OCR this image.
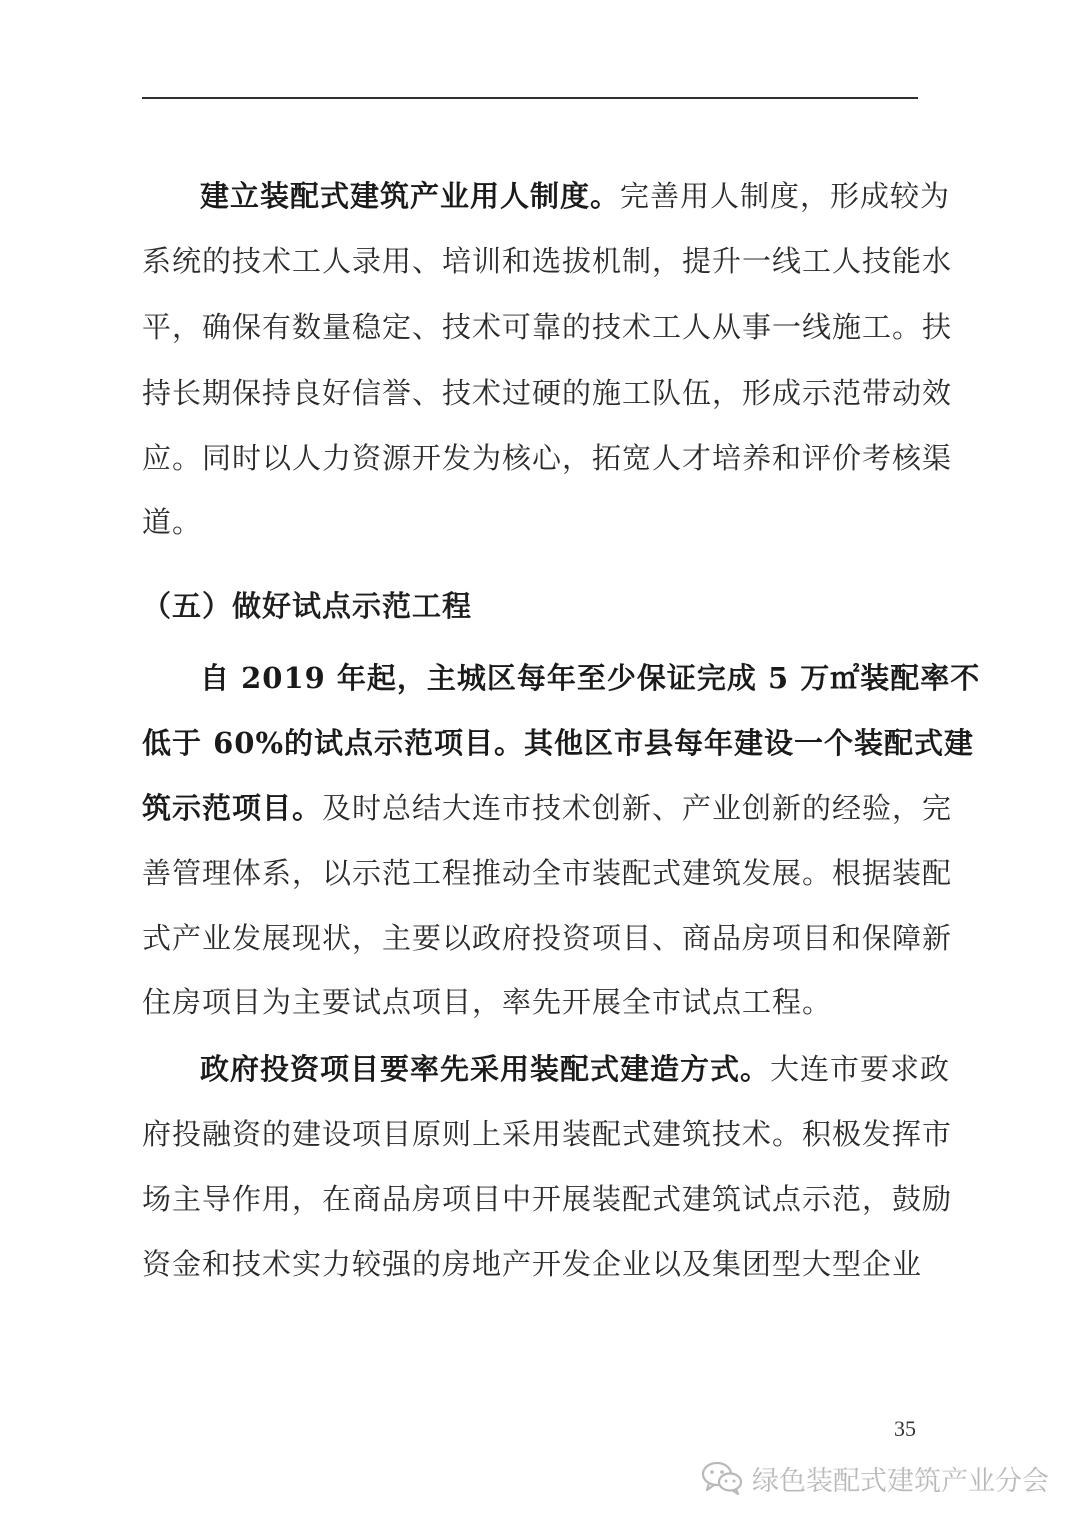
建立装配式建筑产业用人制度。完善用人制度，形成较为
系统的技术工人录用、培训和选拔机制，提升一线工人技能水
平，确保有数量稳定、技术可靠的技术工人从事一线施工。扶
持长期保持良好信誉、技术过硬的施工队伍，形成示范带动效
应。同时以人力资源开发为核心，拓宽人才培养和评价考核渠
道。
（五）做好试点示范工程
自 2019 年起，主城区每年至少保证完成 5 万㎡装配率不
低于 60%的试点示范项目。其他区市县每年建设一个装配式建
筑示范项目。及时总结大连市技术创新、产业创新的经验，完
善管理体系，以示范工程推动全市装配式建筑发展。根据装配
式产业发展现状，主要以政府投资项目、商品房项目和保障新
住房项目为主要试点项目，率先开展全市试点工程。
政府投资项目要率先采用装配式建造方式。大连市要求政
府投融资的建设项目原则上采用装配式建筑技术。积极发挥市
场主导作用，在商品房项目中开展装配式建筑试点示范，鼓励
资金和技术实力较强的房地产开发企业以及集团型大型企业
35
绿色装配式建筑产业分会
